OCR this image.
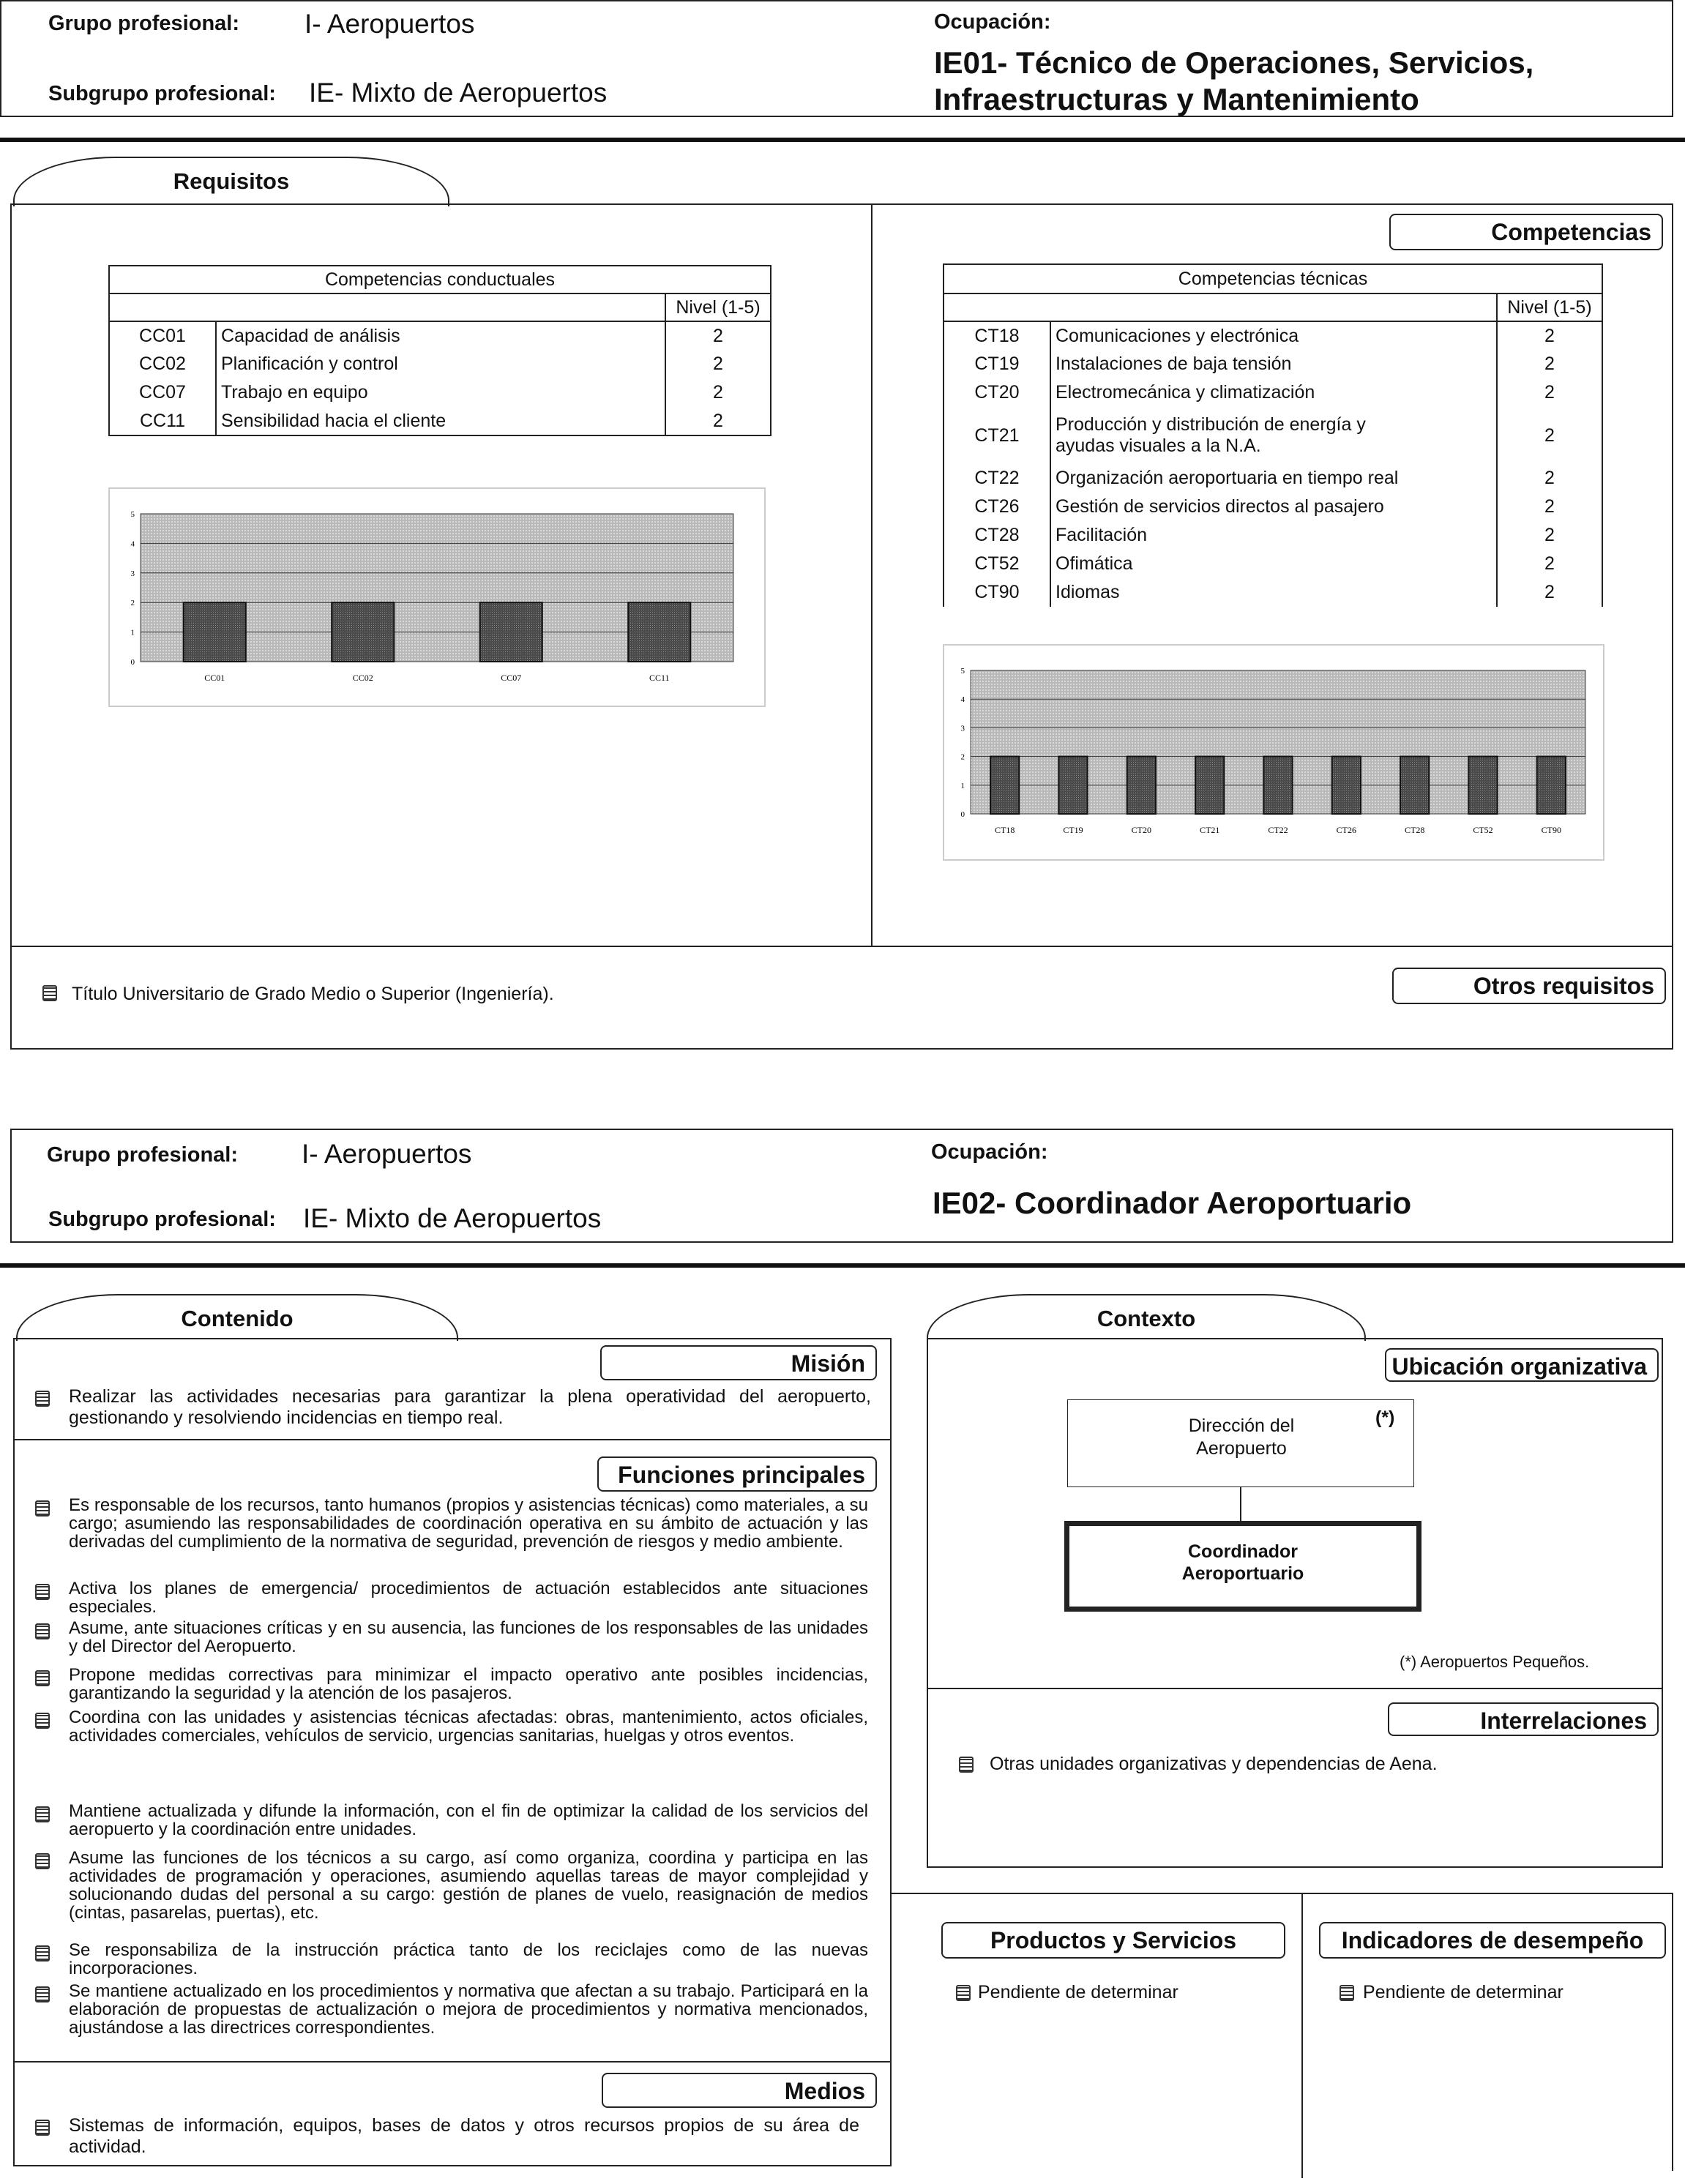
Grupo profesional: I- Aeropuertos
Subgrupo profesional: IE- Mixto de Aeropuertos
Ocupación:
IE01- Técnico de Operaciones, Servicios,
Infraestructuras y Mantenimiento
Requisitos
Competencias
Competencias conductuales		
		Nivel (1-5)
CC01	Capacidad de análisis	2
CC02	Planificación y control	2
CC07	Trabajo en equipo	2
CC11	Sensibilidad hacia el cliente	2
0
1
2
3
4
5
CC01	CC02	CC07	CC11
Competencias técnicas		
		Nivel (1-5)
CT18	Comunicaciones y electrónica	2
CT19	Instalaciones de baja tensión	2
CT20	Electromecánica y climatización	2
CT21	Producción y distribución de energía y
ayudas visuales a la N.A.	2
CT22	Organización aeroportuaria en tiempo real	2
CT26	Gestión de servicios directos al pasajero	2
CT28	Facilitación	2
CT52	Ofimática	2
CT90	Idiomas	2
0
1
2
3
4
5
CT18	CT19	CT20	CT21	CT22	CT26	CT28	CT52	CT90
Otros requisitos
Título Universitario de Grado Medio o Superior (Ingeniería).
Grupo profesional: I- Aeropuertos
Subgrupo profesional: IE- Mixto de Aeropuertos
Ocupación:
IE02- Coordinador Aeroportuario
Contenido
Misión
Realizar las actividades necesarias para garantizar la plena operatividad del aeropuerto, gestionando y resolviendo incidencias en tiempo real.
Funciones principales
Es responsable de los recursos, tanto humanos (propios y asistencias técnicas) como materiales, a su cargo; asumiendo las responsabilidades de coordinación operativa en su ámbito de actuación y las derivadas del cumplimiento de la normativa de seguridad, prevención de riesgos y medio ambiente.
Activa los planes de emergencia/ procedimientos de actuación establecidos ante situaciones especiales.
Asume, ante situaciones críticas y en su ausencia, las funciones de los responsables de las unidades y del Director del Aeropuerto.
Propone medidas correctivas para minimizar el impacto operativo ante posibles incidencias, garantizando la seguridad y la atención de los pasajeros.
Coordina con las unidades y asistencias técnicas afectadas: obras, mantenimiento, actos oficiales, actividades comerciales, vehículos de servicio, urgencias sanitarias, huelgas y otros eventos.
Mantiene actualizada y difunde la información, con el fin de optimizar la calidad de los servicios del aeropuerto y la coordinación entre unidades.
Asume las funciones de los técnicos a su cargo, así como organiza, coordina y participa en las actividades de programación y operaciones, asumiendo aquellas tareas de mayor complejidad y solucionando dudas del personal a su cargo: gestión de planes de vuelo, reasignación de medios (cintas, pasarelas, puertas), etc.
Se responsabiliza de la instrucción práctica tanto de los reciclajes como de las nuevas incorporaciones.
Se mantiene actualizado en los procedimientos y normativa que afectan a su trabajo. Participará en la elaboración de propuestas de actualización o mejora de procedimientos y normativa mencionados, ajustándose a las directrices correspondientes.
Medios
Sistemas de información, equipos, bases de datos y otros recursos propios de su área de actividad.
Contexto
Ubicación organizativa
Dirección del Aeropuerto
(*)
Coordinador Aeroportuario
(*) Aeropuertos Pequeños.
Interrelaciones
Otras unidades organizativas y dependencias de Aena.
Productos y Servicios
Pendiente de determinar
Indicadores de desempeño
Pendiente de determinar
